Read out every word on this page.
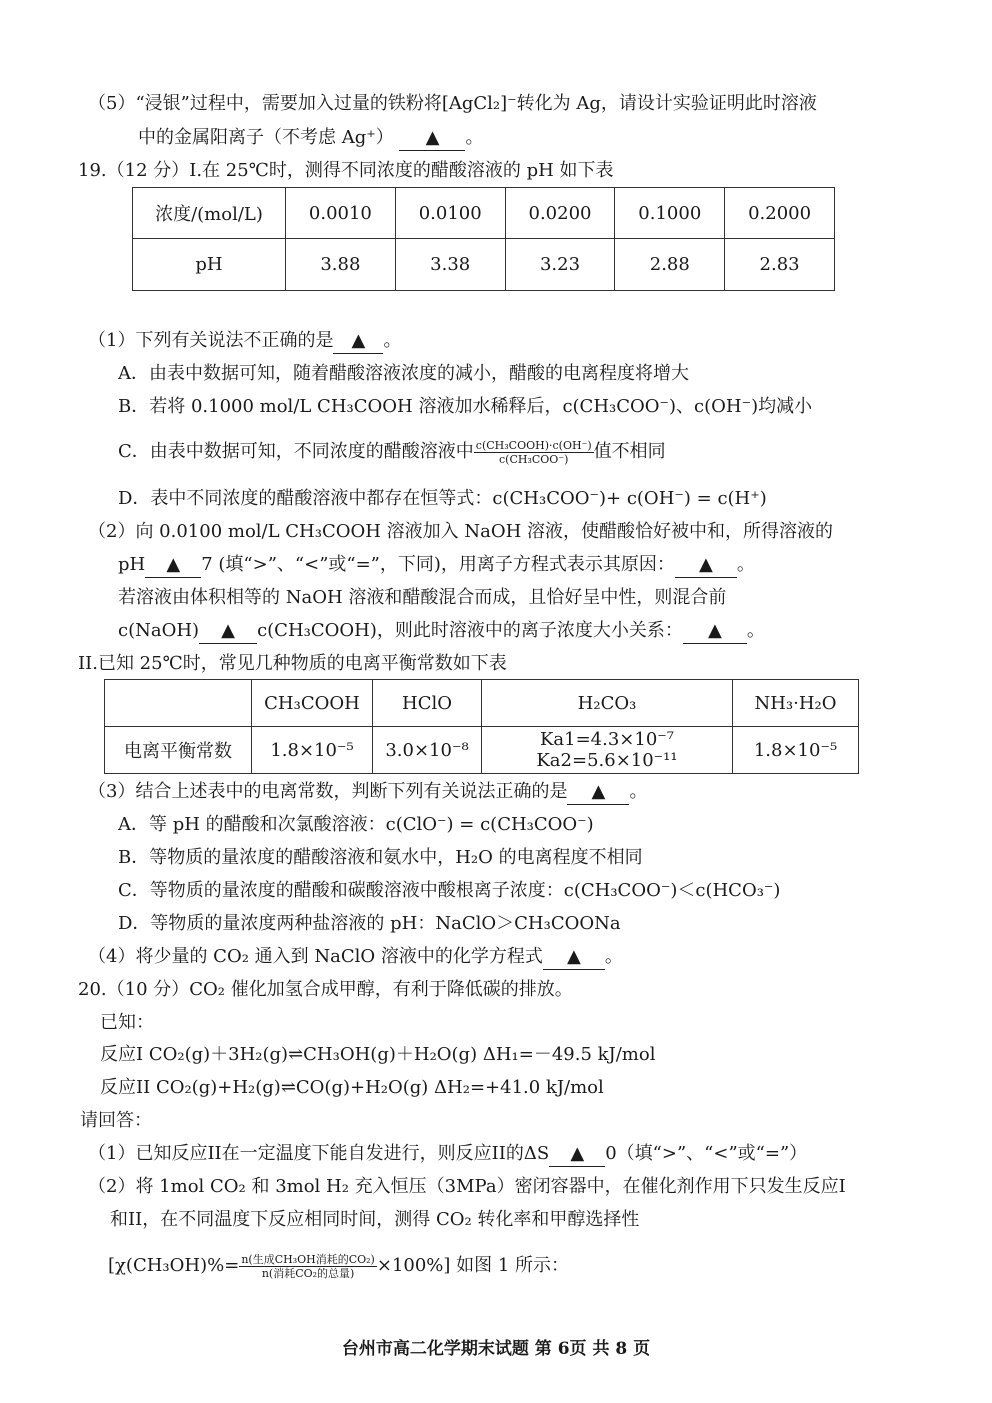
（5）“浸银”过程中，需要加入过量的铁粉将[AgCl₂]⁻转化为 Ag，请设计实验证明此时溶液
中的金属阳离子（不考虑 Ag⁺） ▲ 。
19.（12 分）I.在 25℃时，测得不同浓度的醋酸溶液的 pH 如下表
浓度/(mol/L)	0.0010	0.0100	0.0200	0.1000	0.2000
pH	3.88	3.38	3.23	2.88	2.83
（1）下列有关说法不正确的是 ▲ 。
A．由表中数据可知，随着醋酸溶液浓度的减小，醋酸的电离程度将增大
B．若将 0.1000 mol/L CH₃COOH 溶液加水稀释后，c(CH₃COO⁻)、c(OH⁻)均减小
C．由表中数据可知，不同浓度的醋酸溶液中 $\frac{\text{c(CH₃COOH)·c(OH⁻)}}{\text{c(CH₃COO⁻)}}$ 值不相同
D．表中不同浓度的醋酸溶液中都存在恒等式：c(CH₃COO⁻)+ c(OH⁻) = c(H⁺)
（2）向 0.0100 mol/L CH₃COOH 溶液加入 NaOH 溶液，使醋酸恰好被中和，所得溶液的
pH ▲ 7 (填“>”、“<”或“=”，下同)，用离子方程式表示其原因： ▲ 。
若溶液由体积相等的 NaOH 溶液和醋酸混合而成，且恰好呈中性，则混合前
c(NaOH) ▲ c(CH₃COOH)，则此时溶液中的离子浓度大小关系： ▲ 。
II.已知 25℃时，常见几种物质的电离平衡常数如下表
	CH₃COOH	HClO	H₂CO₃	NH₃·H₂O
电离平衡常数	1.8×10⁻⁵	3.0×10⁻⁸	Ka1=4.3×10⁻⁷ Ka2=5.6×10⁻¹¹	1.8×10⁻⁵
（3）结合上述表中的电离常数，判断下列有关说法正确的是 ▲ 。
A．等 pH 的醋酸和次氯酸溶液：c(ClO⁻) = c(CH₃COO⁻)
B．等物质的量浓度的醋酸溶液和氨水中，H₂O 的电离程度不相同
C．等物质的量浓度的醋酸和碳酸溶液中酸根离子浓度：c(CH₃COO⁻)＜c(HCO₃⁻)
D．等物质的量浓度两种盐溶液的 pH：NaClO＞CH₃COONa
（4）将少量的 CO₂ 通入到 NaClO 溶液中的化学方程式 ▲ 。
20.（10 分）CO₂ 催化加氢合成甲醇，有利于降低碳的排放。
已知：
反应I CO₂(g)＋3H₂(g)⇌CH₃OH(g)＋H₂O(g) ΔH₁=－49.5 kJ/mol
反应II CO₂(g)+H₂(g)⇌CO(g)+H₂O(g) ΔH₂=+41.0 kJ/mol
请回答：
（1）已知反应II在一定温度下能自发进行，则反应II的ΔS ▲ 0（填“>”、“<”或“=”）
（2）将 1mol CO₂ 和 3mol H₂ 充入恒压（3MPa）密闭容器中，在催化剂作用下只发生反应I
和II，在不同温度下反应相同时间，测得 CO₂ 转化率和甲醇选择性
$[\chi(CH_3OH)\%= \frac{\text{n(生成CH₃OH消耗的CO₂)}}{\text{n(消耗CO₂的总量)}} \times 100\%]$ 如图 1 所示：
台州市高二化学期末试题 第 6页 共 8 页
